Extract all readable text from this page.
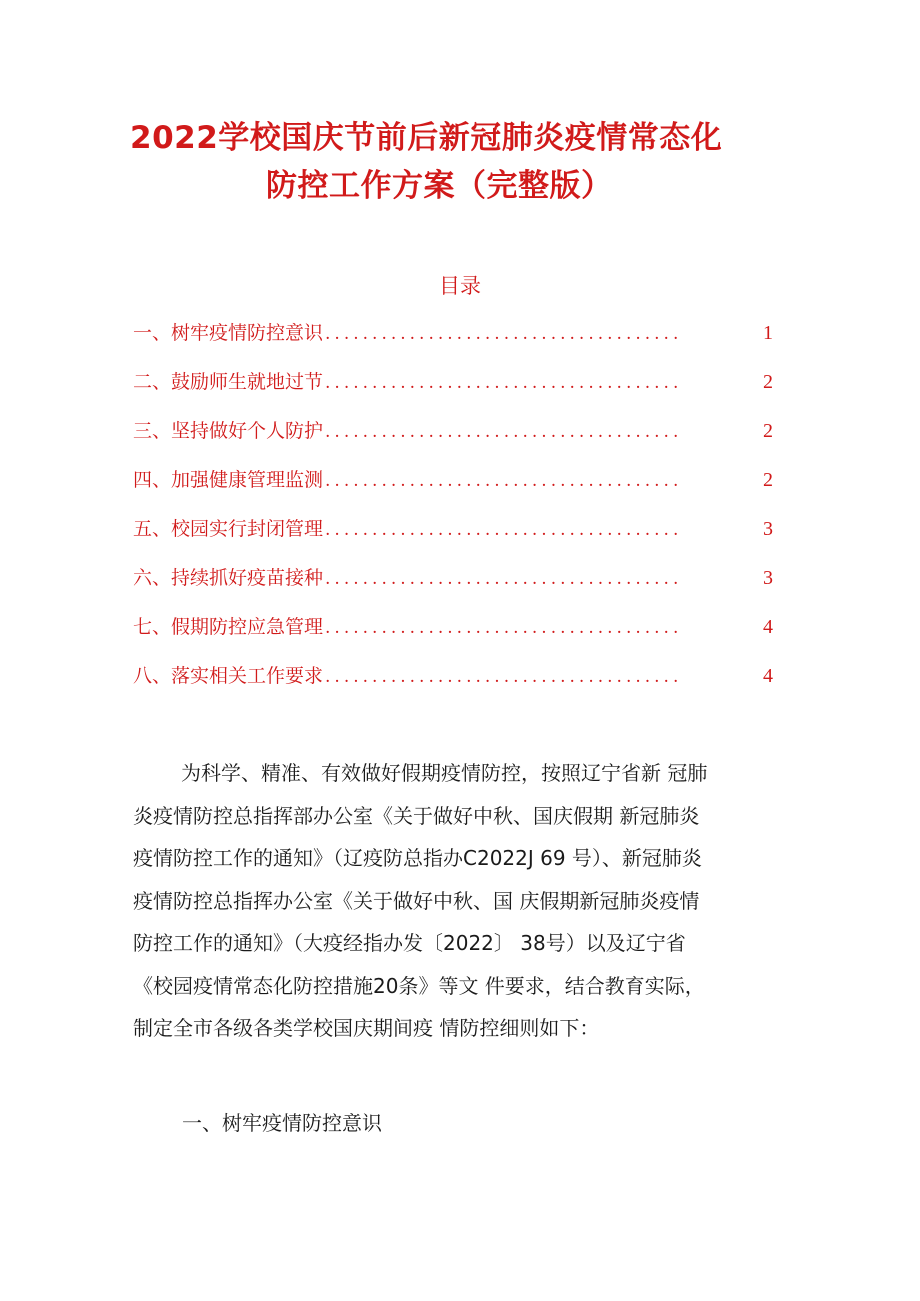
2022学校国庆节前后新冠肺炎疫情常态化
防控工作方案（完整版）
目录
一、树牢疫情防控意识 ......................................	1
二、鼓励师生就地过节 ......................................	2
三、坚持做好个人防护 ......................................	2
四、加强健康管理监测 ......................................	2
五、校园实行封闭管理 ......................................	3
六、持续抓好疫苗接种 ......................................	3
七、假期防控应急管理 ......................................	4
八、落实相关工作要求 ......................................	4

为科学、精准、有效做好假期疫情防控，按照辽宁省新 冠肺
炎疫情防控总指挥部办公室《关于做好中秋、国庆假期 新冠肺炎
疫情防控工作的通知》（辽疫防总指办C2022J 69 号）、新冠肺炎
疫情防控总指挥办公室《关于做好中秋、国 庆假期新冠肺炎疫情
防控工作的通知》（大疫经指办发〔2022〕 38号）以及辽宁省
《校园疫情常态化防控措施20条》等文 件要求，结合教育实际，
制定全市各级各类学校国庆期间疫 情防控细则如下：

一、树牢疫情防控意识
